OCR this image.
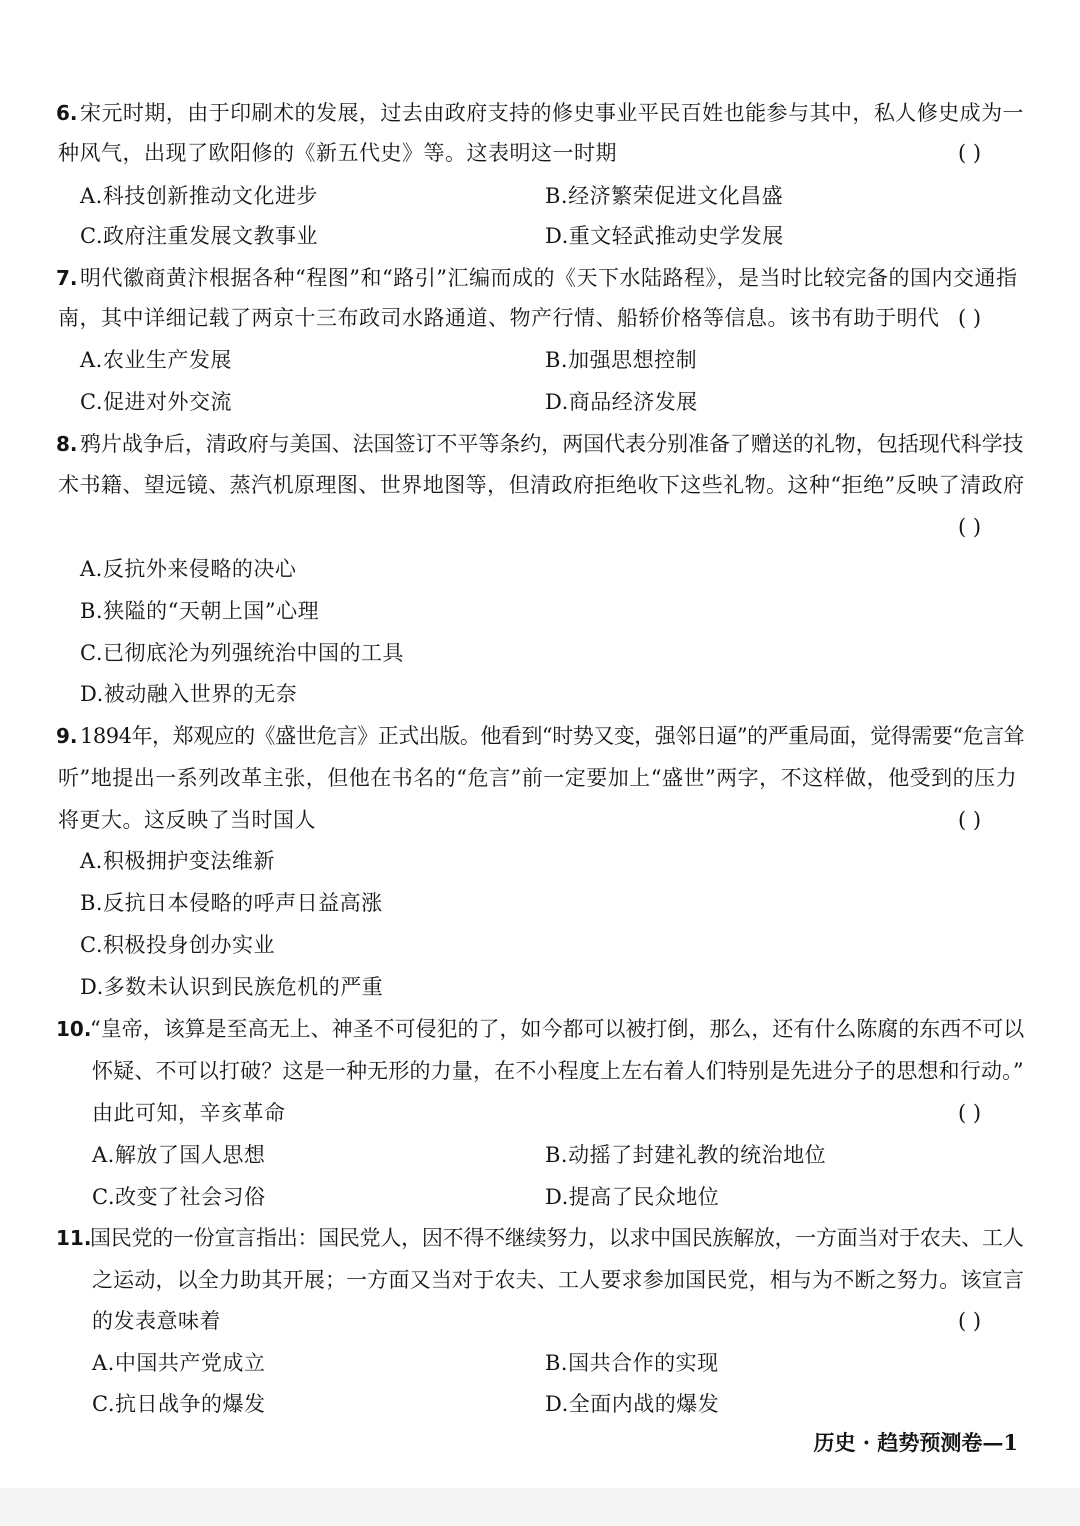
6. 宋元时期，由于印刷术的发展，过去由政府支持的修史事业平民百姓也能参与其中，私人修史成为一
种风气，出现了欧阳修的《新五代史》等。这表明这一时期	( )
A.科技创新推动文化进步	B.经济繁荣促进文化昌盛
C.政府注重发展文教事业	D.重文轻武推动史学发展
7. 明代徽商黄汴根据各种“程图”和“路引”汇编而成的《天下水陆路程》，是当时比较完备的国内交通指
南，其中详细记载了两京十三布政司水路通道、物产行情、船轿价格等信息。该书有助于明代 ( )
A.农业生产发展	B.加强思想控制
C.促进对外交流	D.商品经济发展
8. 鸦片战争后，清政府与美国、法国签订不平等条约，两国代表分别准备了赠送的礼物，包括现代科学技
术书籍、望远镜、蒸汽机原理图、世界地图等，但清政府拒绝收下这些礼物。这种“拒绝”反映了清政府
( )
A.反抗外来侵略的决心
B.狭隘的“天朝上国”心理
C.已彻底沦为列强统治中国的工具
D.被动融入世界的无奈
9. 1894年，郑观应的《盛世危言》正式出版。他看到“时势又变，强邻日逼”的严重局面，觉得需要“危言耸
听”地提出一系列改革主张，但他在书名的“危言”前一定要加上“盛世”两字，不这样做，他受到的压力
将更大。这反映了当时国人	( )
A.积极拥护变法维新
B.反抗日本侵略的呼声日益高涨
C.积极投身创办实业
D.多数未认识到民族危机的严重
10.
“皇帝，该算是至高无上、神圣不可侵犯的了，如今都可以被打倒，那么，还有什么陈腐的东西不可以
怀疑、不可以打破？这是一种无形的力量，在不小程度上左右着人们特别是先进分子的思想和行动。”
由此可知，辛亥革命	( )
A.解放了国人思想	B.动摇了封建礼教的统治地位
C.改变了社会习俗	D.提高了民众地位
11.
国民党的一份宣言指出：国民党人，因不得不继续努力，以求中国民族解放，一方面当对于农夫、工人
之运动，以全力助其开展；一方面又当对于农夫、工人要求参加国民党，相与为不断之努力。该宣言
的发表意味着	( )
A.中国共产党成立	B.国共合作的实现
C.抗日战争的爆发	D.全面内战的爆发
历史 · 趋势预测卷—1
